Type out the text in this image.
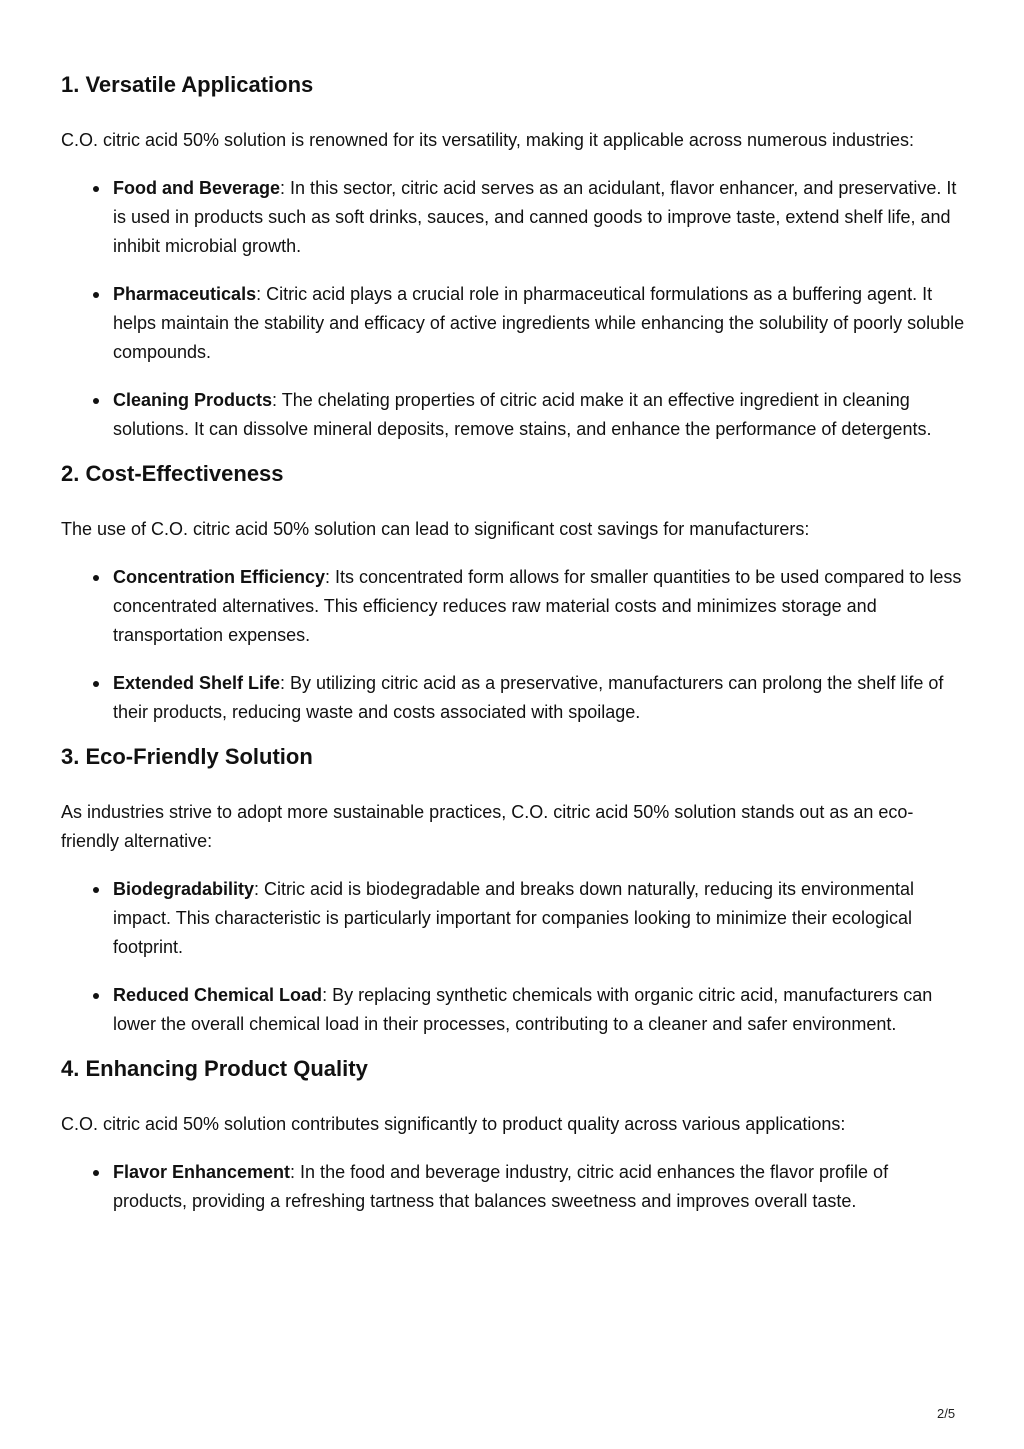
1. Versatile Applications

C.O. citric acid 50% solution is renowned for its versatility, making it applicable across numerous industries:

Food and Beverage: In this sector, citric acid serves as an acidulant, flavor enhancer, and preservative. It is used in products such as soft drinks, sauces, and canned goods to improve taste, extend shelf life, and inhibit microbial growth.
Pharmaceuticals: Citric acid plays a crucial role in pharmaceutical formulations as a buffering agent. It helps maintain the stability and efficacy of active ingredients while enhancing the solubility of poorly soluble compounds.
Cleaning Products: The chelating properties of citric acid make it an effective ingredient in cleaning solutions. It can dissolve mineral deposits, remove stains, and enhance the performance of detergents.
2. Cost-Effectiveness

The use of C.O. citric acid 50% solution can lead to significant cost savings for manufacturers:

Concentration Efficiency: Its concentrated form allows for smaller quantities to be used compared to less concentrated alternatives. This efficiency reduces raw material costs and minimizes storage and transportation expenses.
Extended Shelf Life: By utilizing citric acid as a preservative, manufacturers can prolong the shelf life of their products, reducing waste and costs associated with spoilage.
3. Eco-Friendly Solution

As industries strive to adopt more sustainable practices, C.O. citric acid 50% solution stands out as an eco-friendly alternative:

Biodegradability: Citric acid is biodegradable and breaks down naturally, reducing its environmental impact. This characteristic is particularly important for companies looking to minimize their ecological footprint.
Reduced Chemical Load: By replacing synthetic chemicals with organic citric acid, manufacturers can lower the overall chemical load in their processes, contributing to a cleaner and safer environment.
4. Enhancing Product Quality

C.O. citric acid 50% solution contributes significantly to product quality across various applications:

Flavor Enhancement: In the food and beverage industry, citric acid enhances the flavor profile of products, providing a refreshing tartness that balances sweetness and improves overall taste.
2/5
